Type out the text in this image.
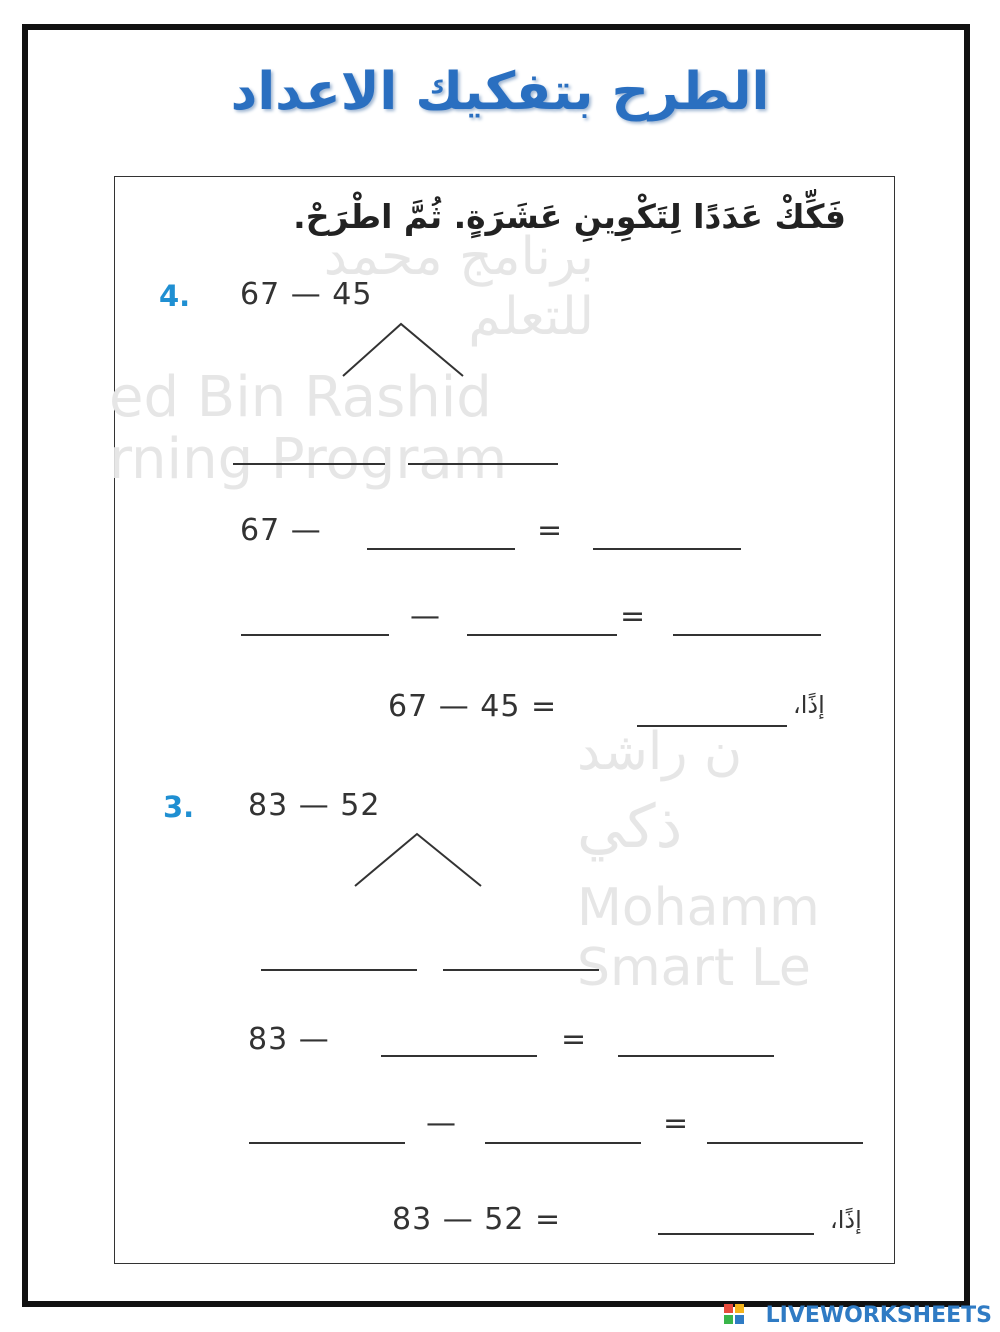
الطرح بتفكيك الاعداد
برنامج محمد
للتعلم
ed Bin Rashid
rning Program
فَكِّكْ عَدَدًا لِتَكْوِينِ عَشَرَةٍ. ثُمَّ اطْرَحْ.
4. 67 — 45
67 —	=
—	=
67 — 45 =	إذًا،
ن راشد
ذكي
Mohamm
Smart Le
3. 83 — 52
83 —	=
—	=
83 — 52 =	إذًا،
LIVEWORKSHEETS
